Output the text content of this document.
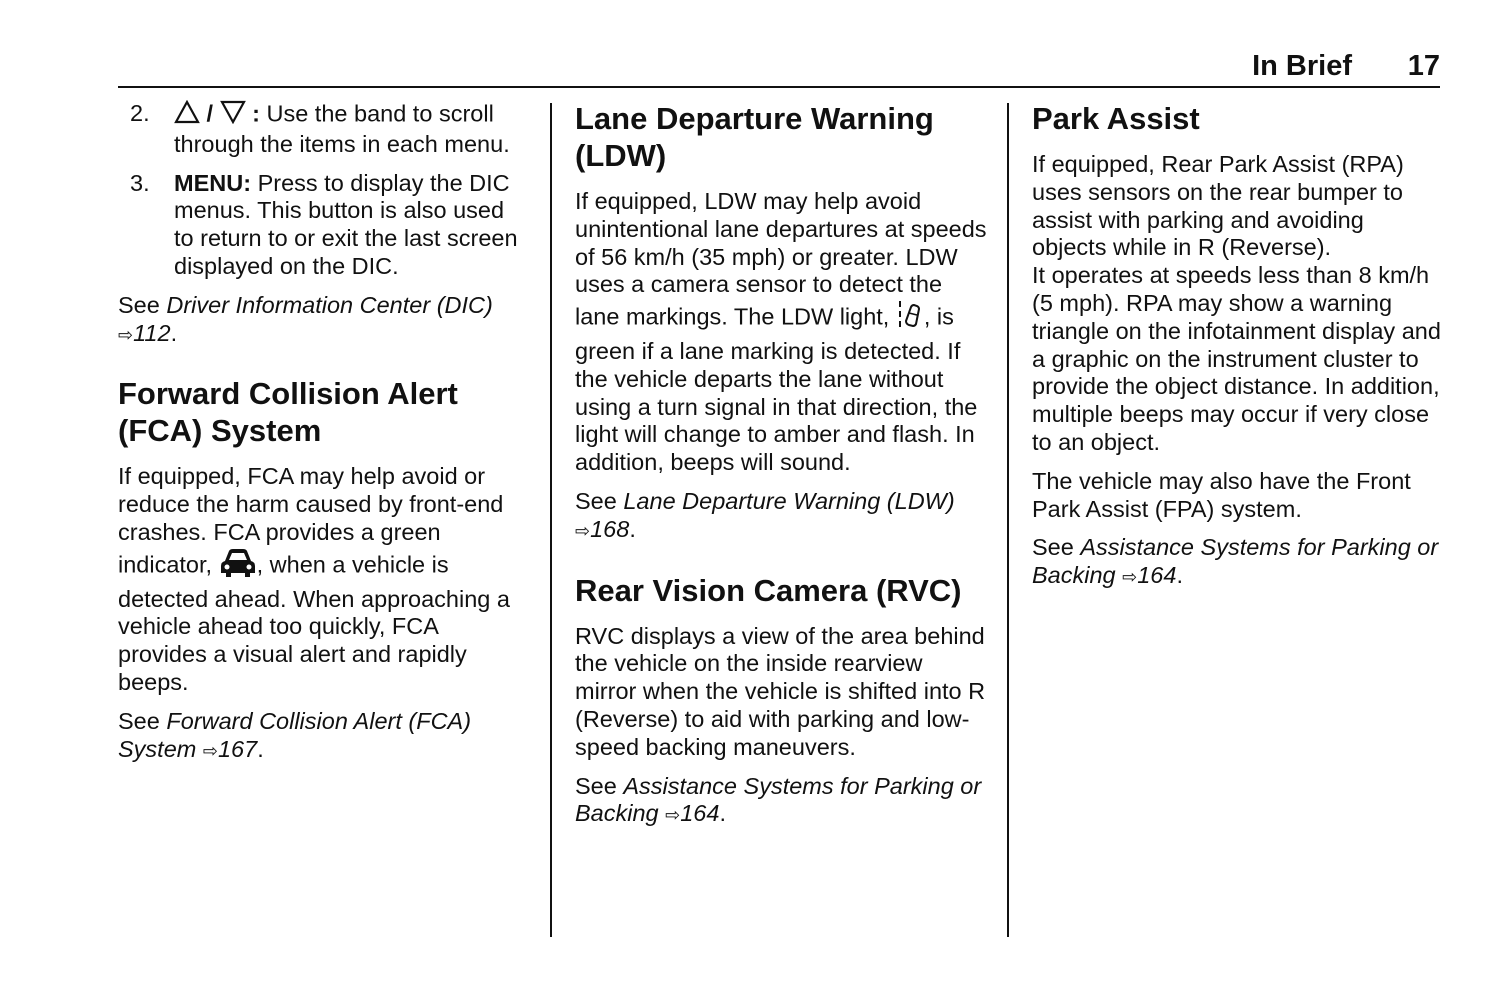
In Brief 17
2. / : Use the band to scroll through the items in each menu.
3. MENU: Press to display the DIC menus. This button is also used to return to or exit the last screen displayed on the DIC.

See Driver Information Center (DIC) ⇨112.

Forward Collision Alert (FCA) System

If equipped, FCA may help avoid or reduce the harm caused by front-end crashes. FCA provides a green indicator, , when a vehicle is detected ahead. When approaching a vehicle ahead too quickly, FCA provides a visual alert and rapidly beeps.

See Forward Collision Alert (FCA) System ⇨167.

Lane Departure Warning (LDW)

If equipped, LDW may help avoid unintentional lane departures at speeds of 56 km/h (35 mph) or greater. LDW uses a camera sensor to detect the lane markings. The LDW light, , is green if a lane marking is detected. If the vehicle departs the lane without using a turn signal in that direction, the light will change to amber and flash. In addition, beeps will sound.

See Lane Departure Warning (LDW) ⇨168.

Rear Vision Camera (RVC)

RVC displays a view of the area behind the vehicle on the inside rearview mirror when the vehicle is shifted into R (Reverse) to aid with parking and low-speed backing maneuvers.

See Assistance Systems for Parking or Backing ⇨164.

Park Assist

If equipped, Rear Park Assist (RPA) uses sensors on the rear bumper to assist with parking and avoiding objects while in R (Reverse).

It operates at speeds less than 8 km/h (5 mph). RPA may show a warning triangle on the infotainment display and a graphic on the instrument cluster to provide the object distance. In addition, multiple beeps may occur if very close to an object.

The vehicle may also have the Front Park Assist (FPA) system.

See Assistance Systems for Parking or Backing ⇨164.
